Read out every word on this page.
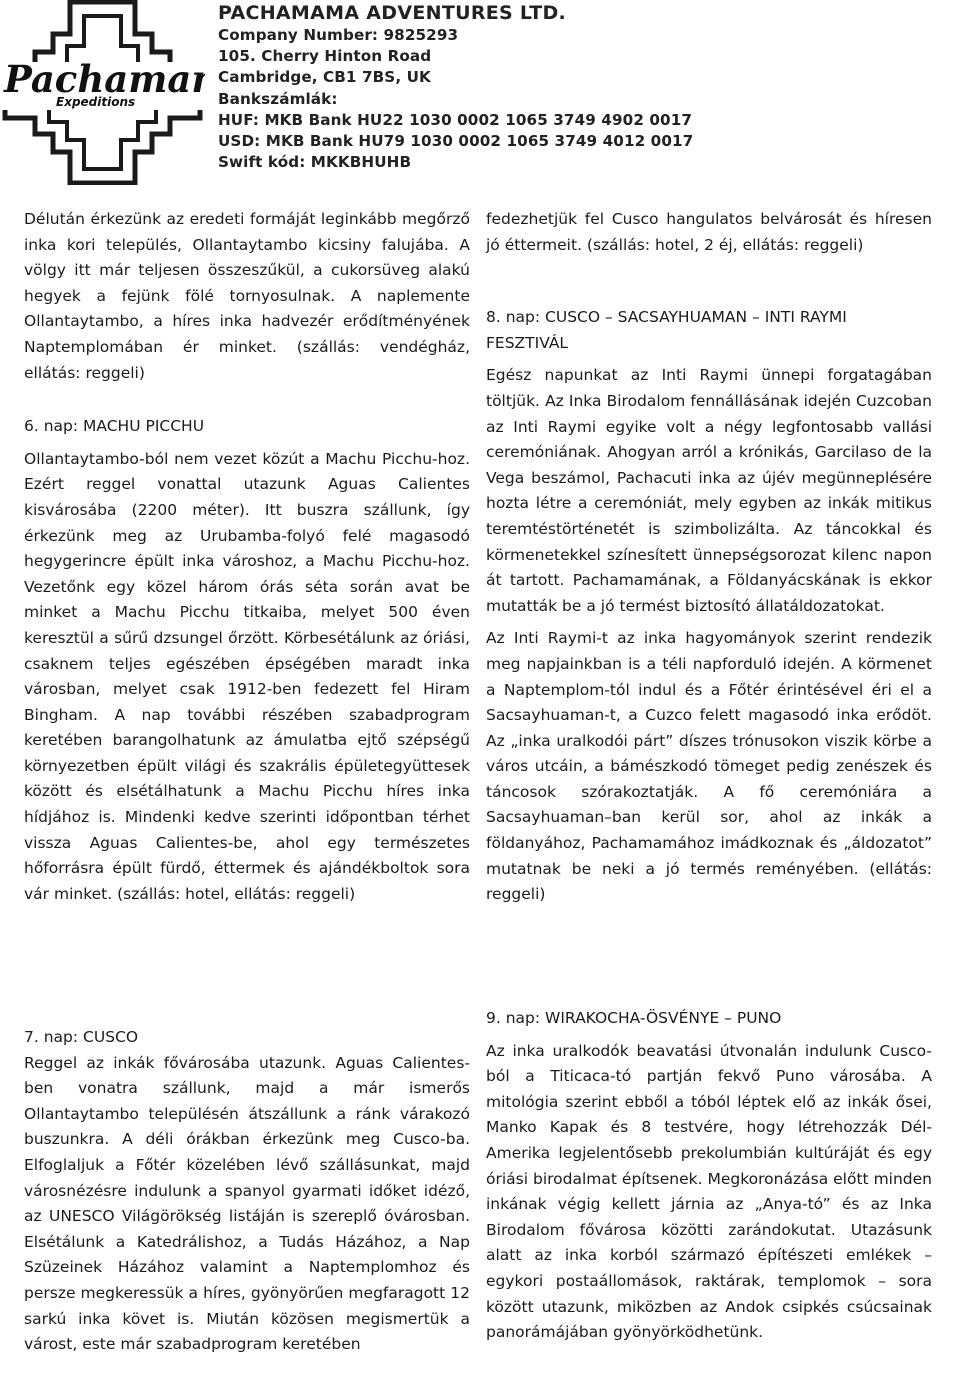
Pachama
Expeditions
PACHAMAMA ADVENTURES LTD.
Company Number: 9825293
105. Cherry Hinton Road
Cambridge, CB1 7BS, UK
Bankszámlák:
HUF: MKB Bank HU22 1030 0002 1065 3749 4902 0017
USD: MKB Bank HU79 1030 0002 1065 3749 4012 0017
Swift kód: MKKBHUHB

Délután érkezünk az eredeti formáját leginkább megőrző inka kori település, Ollantaytambo kicsiny falujába. A völgy itt már teljesen összeszűkül, a cukorsüveg alakú hegyek a fejünk fölé tornyosulnak. A naplemente Ollantaytambo, a híres inka hadvezér erődítményének Naptemplomában ér minket. (szállás: vendégház, ellátás: reggeli)

6. nap: MACHU PICCHU

Ollantaytambo-ból nem vezet közút a Machu Picchu-hoz. Ezért reggel vonattal utazunk Aguas Calientes kisvárosába (2200 méter). Itt buszra szállunk, így érkezünk meg az Urubamba-folyó felé magasodó hegygerincre épült inka városhoz, a Machu Picchu-hoz. Vezetőnk egy közel három órás séta során avat be minket a Machu Picchu titkaiba, melyet 500 éven keresztül a sűrű dzsungel őrzött. Körbesétálunk az óriási, csaknem teljes egészében épségében maradt inka városban, melyet csak 1912-ben fedezett fel Hiram Bingham. A nap további részében szabadprogram keretében barangolhatunk az ámulatba ejtő szépségű környezetben épült világi és szakrális épületegyüttesek között és elsétálhatunk a Machu Picchu híres inka hídjához is. Mindenki kedve szerinti időpontban térhet vissza Aguas Calientes-be, ahol egy természetes hőforrásra épült fürdő, éttermek és ajándékboltok sora vár minket. (szállás: hotel, ellátás: reggeli)

7. nap: CUSCO

Reggel az inkák fővárosába utazunk. Aguas Calientes-ben vonatra szállunk, majd a már ismerős Ollantaytambo településén átszállunk a ránk várakozó buszunkra. A déli órákban érkezünk meg Cusco-ba. Elfoglaljuk a Főtér közelében lévő szállásunkat, majd városnézésre indulunk a spanyol gyarmati időket idéző, az UNESCO Világörökség listáján is szereplő óvárosban. Elsétálunk a Katedrálishoz, a Tudás Házához, a Nap Szüzeinek Házához valamint a Naptemplomhoz és persze megkeressük a híres, gyönyörűen megfaragott 12 sarkú inka követ is. Miután közösen megismertük a várost, este már szabadprogram keretében

fedezhetjük fel Cusco hangulatos belvárosát és híresen jó éttermeit. (szállás: hotel, 2 éj, ellátás: reggeli)

8. nap: CUSCO – SACSAYHUAMAN – INTI RAYMI

FESZTIVÁL

Egész napunkat az Inti Raymi ünnepi forgatagában töltjük. Az Inka Birodalom fennállásának idején Cuzcoban az Inti Raymi egyike volt a négy legfontosabb vallási ceremóniának. Ahogyan arról a krónikás, Garcilaso de la Vega beszámol, Pachacuti inka az újév megünneplésére hozta létre a ceremóniát, mely egyben az inkák mitikus teremtéstörténetét is szimbolizálta. Az táncokkal és körmenetekkel színesített ünnepségsorozat kilenc napon át tartott. Pachamamának, a Földanyácskának is ekkor mutatták be a jó termést biztosító állatáldozatokat.

Az Inti Raymi-t az inka hagyományok szerint rendezik meg napjainkban is a téli napforduló idején. A körmenet a Naptemplom-tól indul és a Főtér érintésével éri el a Sacsayhuaman-t, a Cuzco felett magasodó inka erődöt. Az „inka uralkodói párt” díszes trónusokon viszik körbe a város utcáin, a bámészkodó tömeget pedig zenészek és táncosok szórakoztatják. A fő ceremóniára a Sacsayhuaman–ban kerül sor, ahol az inkák a földanyához, Pachamamához imádkoznak és „áldozatot” mutatnak be neki a jó termés reményében. (ellátás: reggeli)

9. nap: WIRAKOCHA-ÖSVÉNYE – PUNO

Az inka uralkodók beavatási útvonalán indulunk Cusco-ból a Titicaca-tó partján fekvő Puno városába. A mitológia szerint ebből a tóból léptek elő az inkák ősei, Manko Kapak és 8 testvére, hogy létrehozzák Dél-Amerika legjelentősebb prekolumbián kultúráját és egy óriási birodalmat építsenek. Megkoronázása előtt minden inkának végig kellett járnia az „Anya-tó” és az Inka Birodalom fővárosa közötti zarándokutat. Utazásunk alatt az inka korból származó építészeti emlékek – egykori postaállomások, raktárak, templomok – sora között utazunk, miközben az Andok csipkés csúcsainak panorámájában gyönyörködhetünk.
